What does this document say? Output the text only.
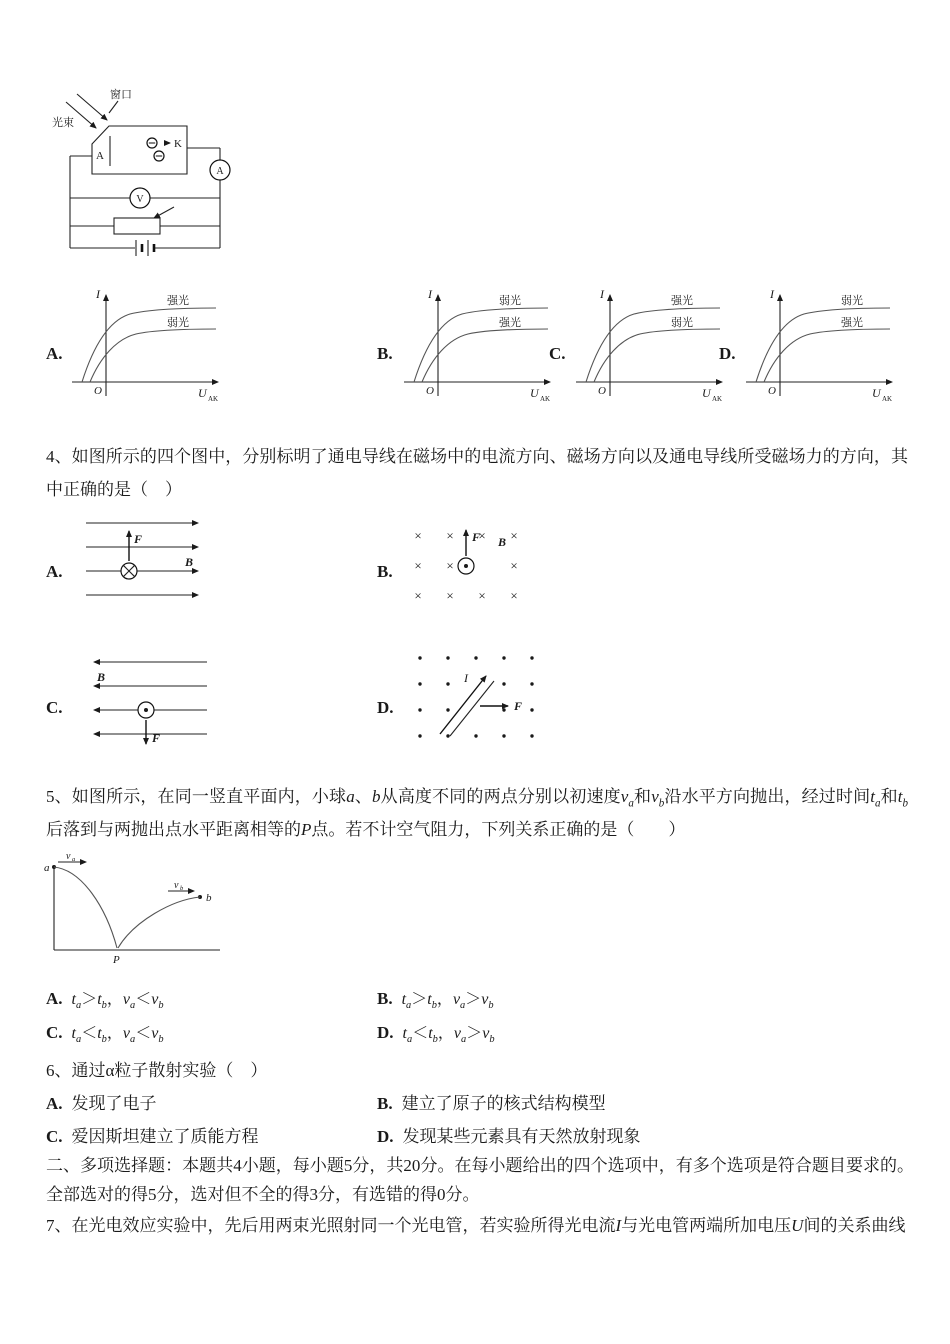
窗口
光束
A
K
A
V
A.
I
U AK
O
强光
弱光
B.
I
U AK
O
弱光
强光
C.
I
U AK
O
强光
弱光
D.
I
U AK
O
弱光
强光
4、如图所示的四个图中，分别标明了通电导线在磁场中的电流方向、磁场方向以及通电导线所受磁场力的方向，其中正确的是（　）
A.
F
B	B.
× × × ×
× ×	×
× × × ×
F B
C.
B
F
D.
I
F
5、如图所示，在同一竖直平面内，小球a、b从高度不同的两点分别以初速度$v_a$和$v_b$沿水平方向抛出，经过时间$t_a$和$t_b$后落到与两抛出点水平距离相等的P点。若不计空气阻力，下列关系正确的是（　　）
a
v a
b
v b
P
A. $t_a>t_b$，$v_a<v_b$	B. $t_a>t_b$，$v_a>v_b$
C. $t_a<t_b$，$v_a<v_b$	D. $t_a<t_b$，$v_a>v_b$
6、通过α粒子散射实验（　）
A. 发现了电子	B. 建立了原子的核式结构模型
C. 爱因斯坦建立了质能方程	D. 发现某些元素具有天然放射现象
二、多项选择题：本题共4小题，每小题5分，共20分。在每小题给出的四个选项中，有多个选项是符合题目要求的。全部选对的得5分，选对但不全的得3分，有选错的得0分。
7、在光电效应实验中，先后用两束光照射同一个光电管，若实验所得光电流I与光电管两端所加电压U间的关系曲线
